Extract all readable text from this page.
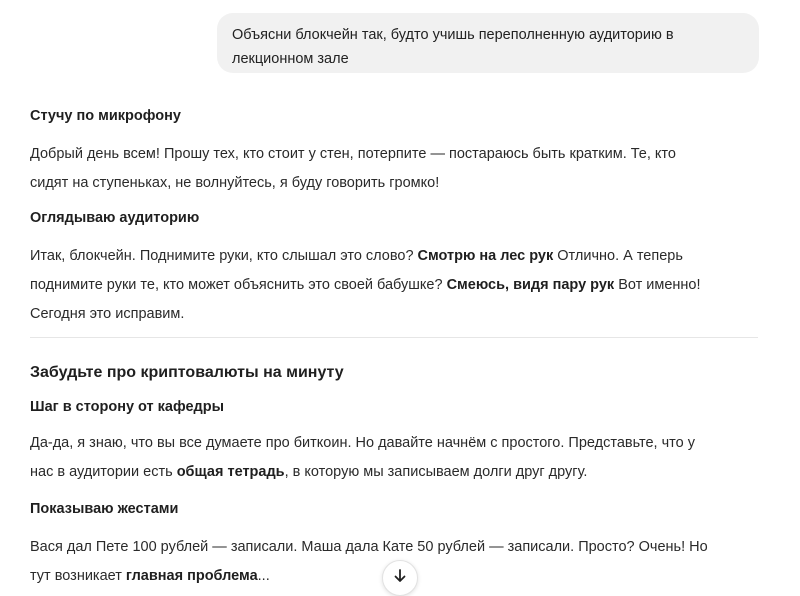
Объясни блокчейн так, будто учишь переполненную аудиторию в
лекционном зале
Стучу по микрофону

Добрый день всем! Прошу тех, кто стоит у стен, потерпите — постараюсь быть кратким. Те, кто
сидят на ступеньках, не волнуйтесь, я буду говорить громко!

Оглядываю аудиторию

Итак, блокчейн. Поднимите руки, кто слышал это слово? Смотрю на лес рук Отлично. А теперь
поднимите руки те, кто может объяснить это своей бабушке? Смеюсь, видя пару рук Вот именно!
Сегодня это исправим.

Забудьте про криптовалюты на минуту
Шаг в сторону от кафедры

Да-да, я знаю, что вы все думаете про биткоин. Но давайте начнём с простого. Представьте, что у
нас в аудитории есть общая тетрадь, в которую мы записываем долги друг другу.

Показываю жестами

Вася дал Пете 100 рублей — записали. Маша дала Кате 50 рублей — записали. Просто? Очень! Но
тут возникает главная проблема...
